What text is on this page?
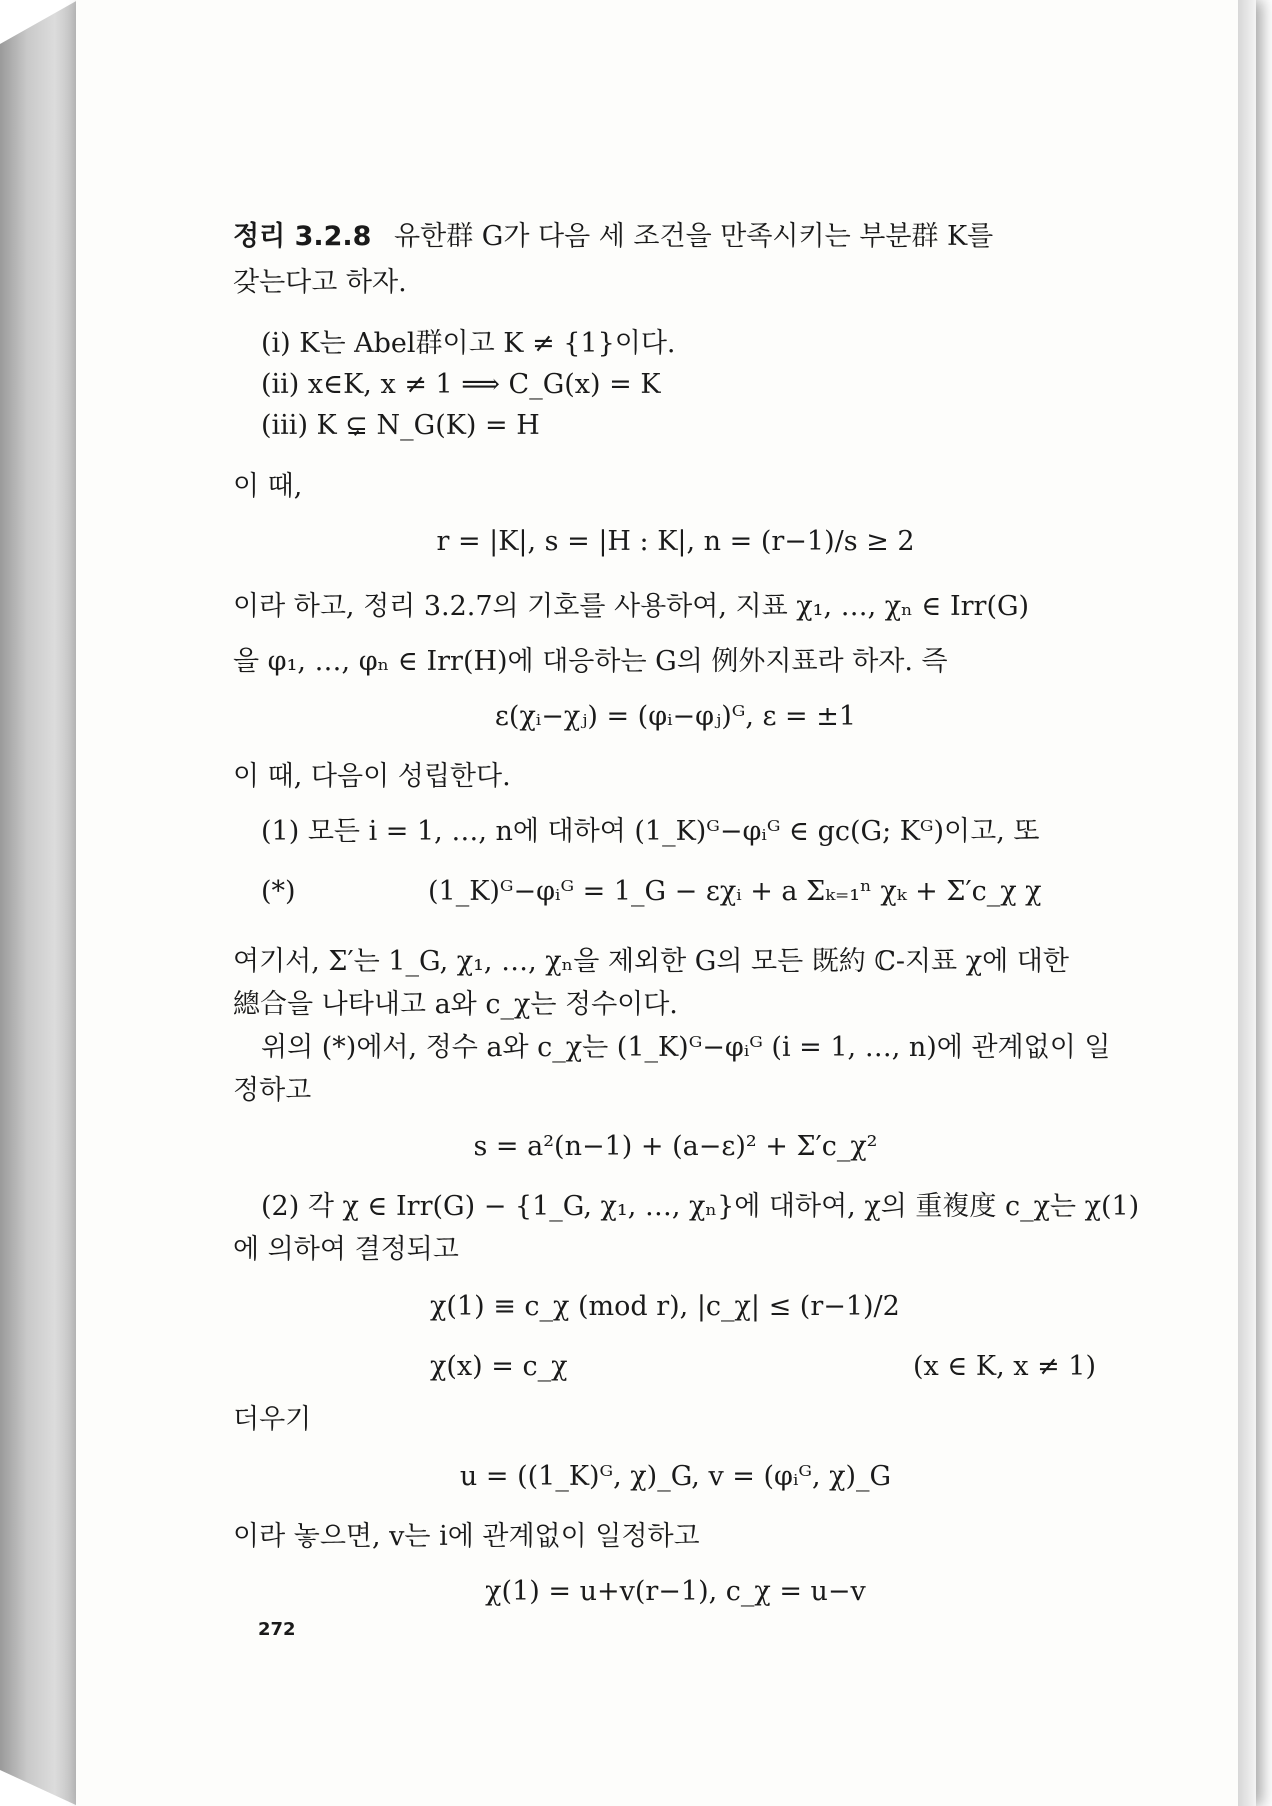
정리 3.2.8 유한群 G가 다음 세 조건을 만족시키는 부분群 K를
갖는다고 하자.
(i) K는 Abel群이고 K ≠ {1}이다.
(ii) x∈K, x ≠ 1 ⟹ C_G(x) = K
(iii) K ⊊ N_G(K) = H
이 때,
r = |K|, s = |H : K|, n = (r−1)/s ≥ 2
이라 하고, 정리 3.2.7의 기호를 사용하여, 지표 χ₁, …, χₙ ∈ Irr(G)
을 φ₁, …, φₙ ∈ Irr(H)에 대응하는 G의 例外지표라 하자. 즉
ε(χᵢ−χⱼ) = (φᵢ−φⱼ)ᴳ, ε = ±1
이 때, 다음이 성립한다.
(1) 모든 i = 1, …, n에 대하여 (1_K)ᴳ−φᵢᴳ ∈ gc(G; Kᴳ)이고, 또
(*)	(1_K)ᴳ−φᵢᴳ = 1_G − εχᵢ + a Σₖ₌₁ⁿ χₖ + Σ′c_χ χ
여기서, Σ′는 1_G, χ₁, …, χₙ을 제외한 G의 모든 既約 ℂ-지표 χ에 대한
總合을 나타내고 a와 c_χ는 정수이다.
위의 (*)에서, 정수 a와 c_χ는 (1_K)ᴳ−φᵢᴳ (i = 1, …, n)에 관계없이 일
정하고
s = a²(n−1) + (a−ε)² + Σ′c_χ²
(2) 각 χ ∈ Irr(G) − {1_G, χ₁, …, χₙ}에 대하여, χ의 重複度 c_χ는 χ(1)
에 의하여 결정되고
χ(1) ≡ c_χ (mod r), |c_χ| ≤ (r−1)/2
χ(x) = c_χ	(x ∈ K, x ≠ 1)
더우기
u = ((1_K)ᴳ, χ)_G, v = (φᵢᴳ, χ)_G
이라 놓으면, v는 i에 관계없이 일정하고
χ(1) = u+v(r−1), c_χ = u−v
272
